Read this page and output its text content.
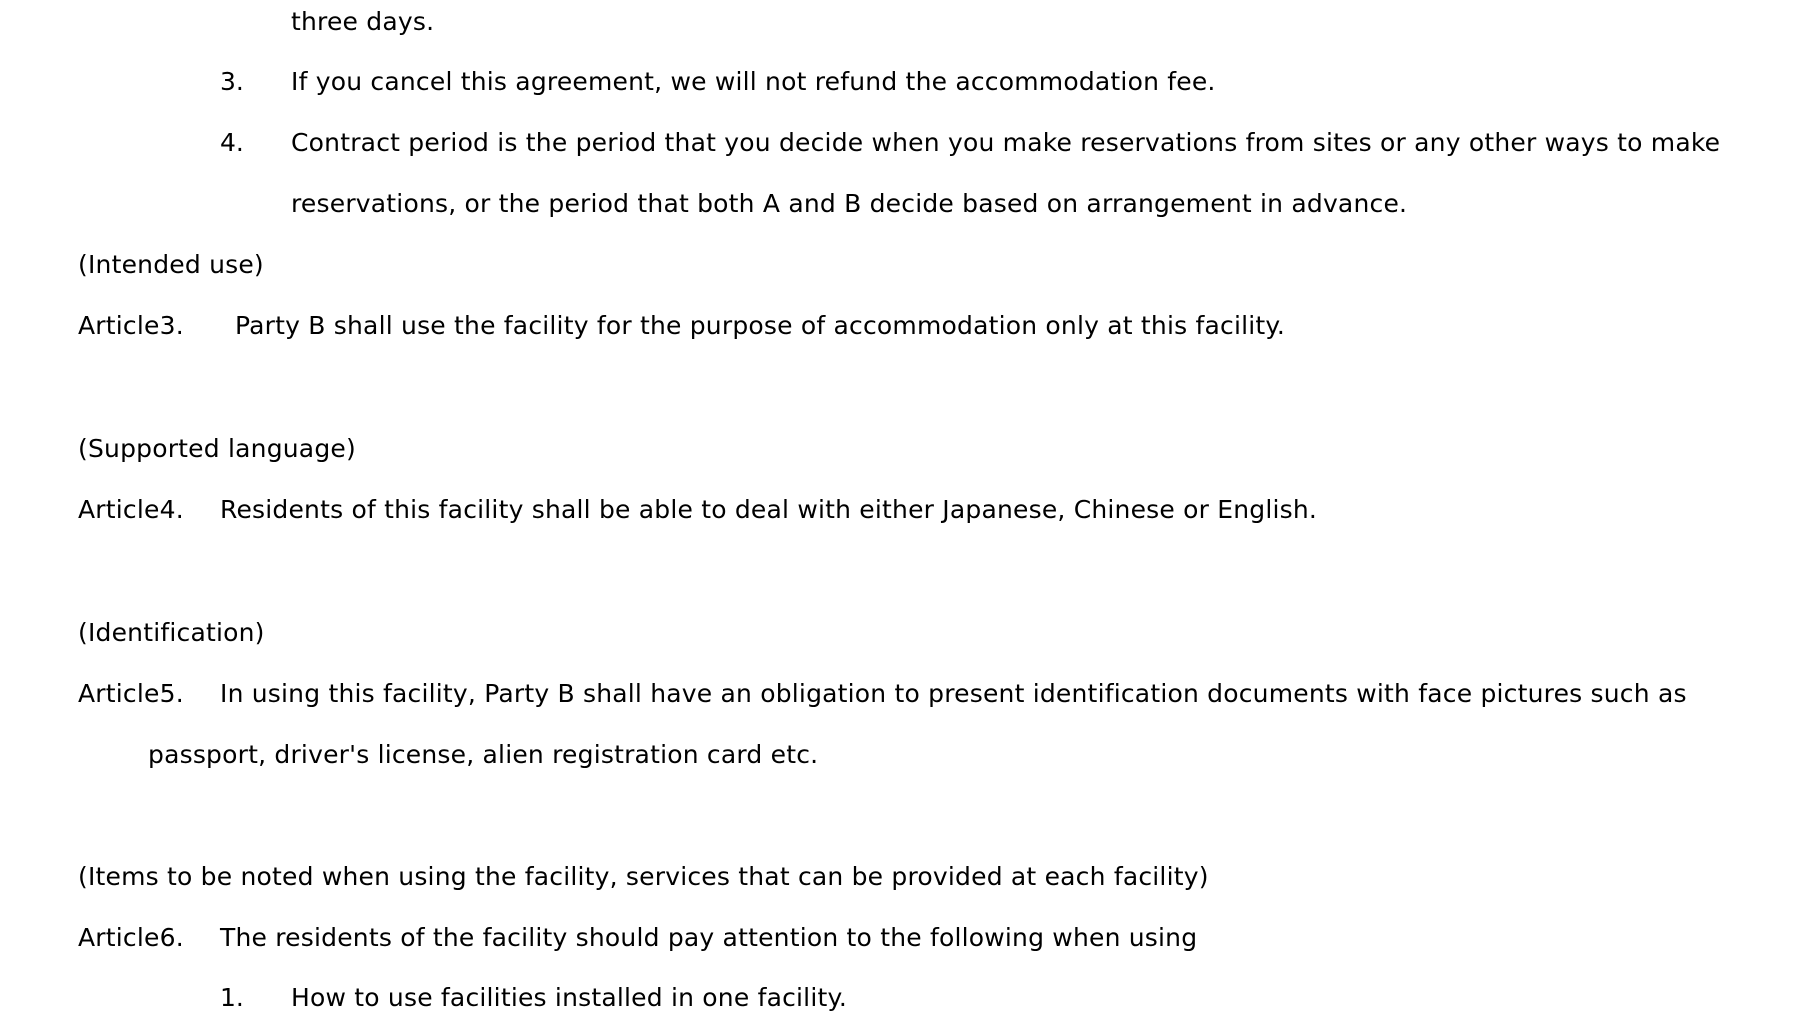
three days.
3. If you cancel this agreement, we will not refund the accommodation fee.
4. Contract period is the period that you decide when you make reservations from sites or any other ways to make
reservations, or the period that both A and B decide based on arrangement in advance.
(Intended use)
Article3. Party B shall use the facility for the purpose of accommodation only at this facility.
(Supported language)
Article4. Residents of this facility shall be able to deal with either Japanese, Chinese or English.
(Identification)
Article5. In using this facility, Party B shall have an obligation to present identification documents with face pictures such as
passport, driver's license, alien registration card etc.
(Items to be noted when using the facility, services that can be provided at each facility)
Article6. The residents of the facility should pay attention to the following when using
1. How to use facilities installed in one facility.
